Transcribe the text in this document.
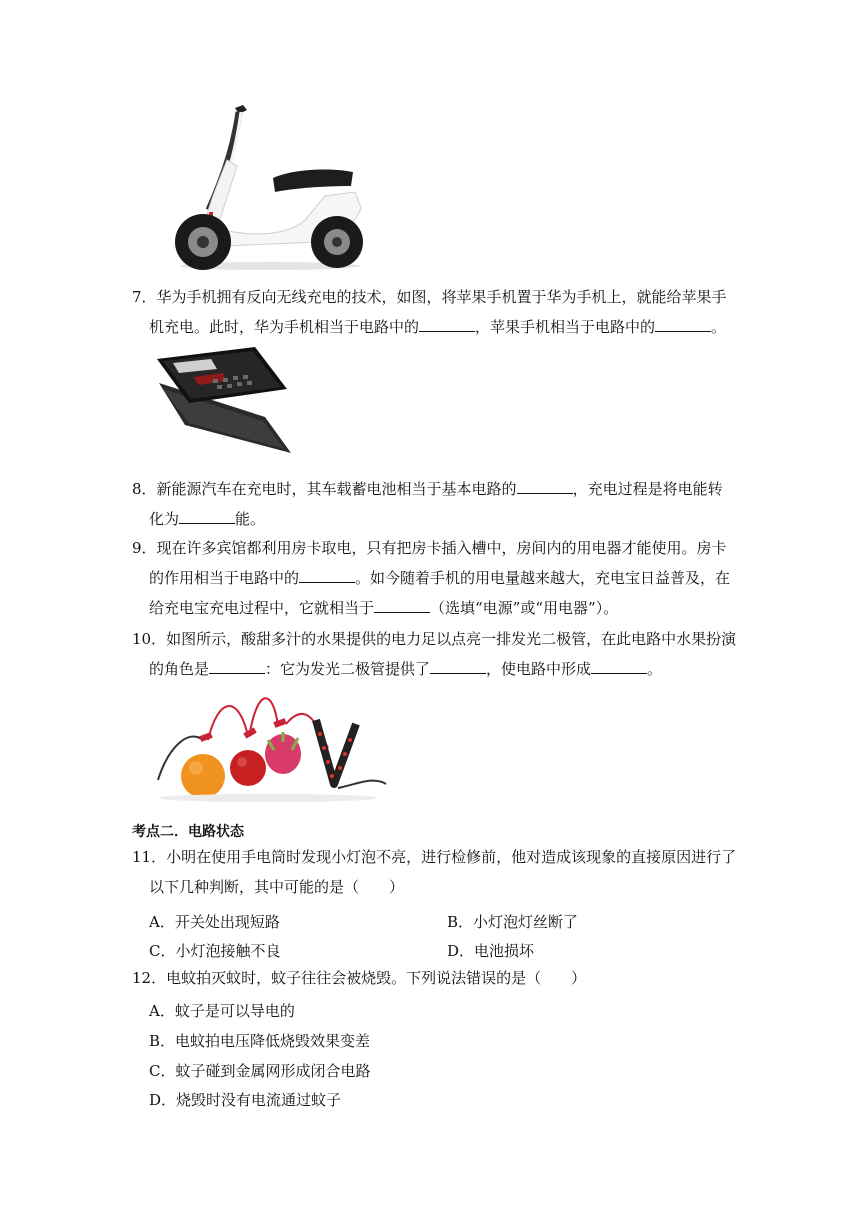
7．华为手机拥有反向无线充电的技术，如图，将苹果手机置于华为手机上，就能给苹果手
机充电。此时，华为手机相当于电路中的	，苹果手机相当于电路中的	。
8．新能源汽车在充电时，其车载蓄电池相当于基本电路的	，充电过程是将电能转
化为	能。
9．现在许多宾馆都利用房卡取电，只有把房卡插入槽中，房间内的用电器才能使用。房卡
的作用相当于电路中的	。如今随着手机的用电量越来越大，充电宝日益普及，在
给充电宝充电过程中，它就相当于	（选填“电源”或“用电器”）。
10．如图所示，酸甜多汁的水果提供的电力足以点亮一排发光二极管，在此电路中水果扮演
的角色是	：它为发光二极管提供了	，使电路中形成	。
考点二．电路状态
11．小明在使用手电筒时发现小灯泡不亮，进行检修前，他对造成该现象的直接原因进行了
以下几种判断，其中可能的是（　　）
A．开关处出现短路	B．小灯泡灯丝断了
C．小灯泡接触不良	D．电池损坏
12．电蚊拍灭蚊时，蚊子往往会被烧毁。下列说法错误的是（　　）
A．蚊子是可以导电的
B．电蚊拍电压降低烧毁效果变差
C．蚊子碰到金属网形成闭合电路
D．烧毁时没有电流通过蚊子
